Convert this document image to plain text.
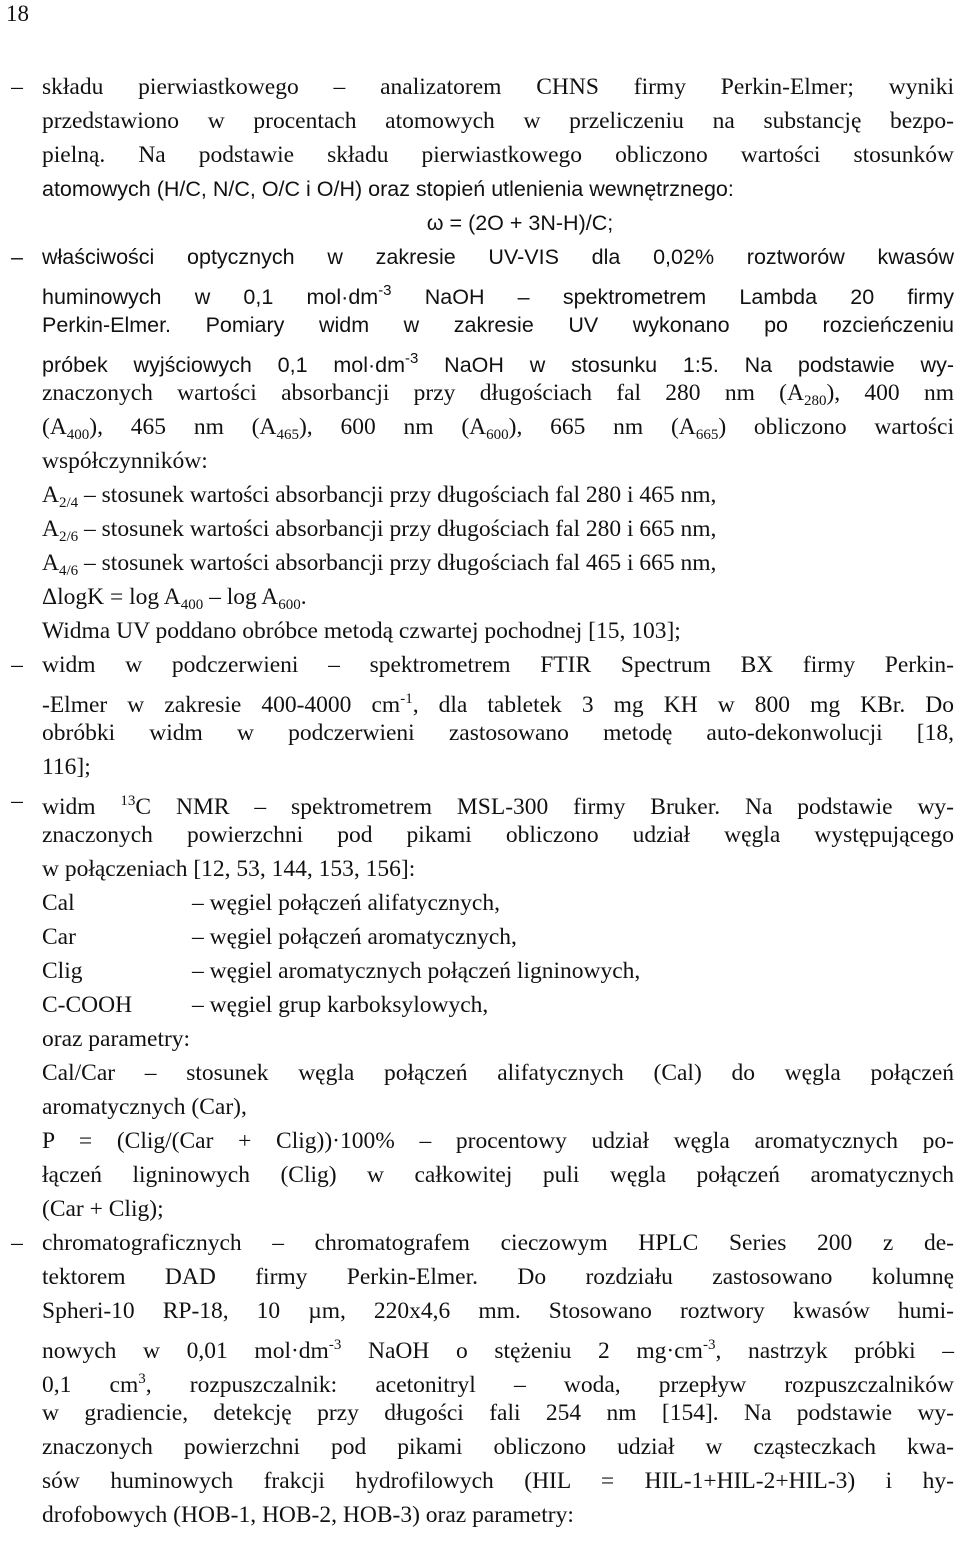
18
– składu pierwiastkowego – analizatorem CHNS firmy Perkin-Elmer; wyniki
przedstawiono w procentach atomowych w przeliczeniu na substancję bezpo-
pielną. Na podstawie składu pierwiastkowego obliczono wartości stosunków
atomowych (H/C, N/C, O/C i O/H) oraz stopień utlenienia wewnętrznego:
ω = (2O + 3N-H)/C;
– właściwości optycznych w zakresie UV-VIS dla 0,02% roztworów kwasów
huminowych w 0,1 $mol\cdot dm^{-3}$ NaOH – spektrometrem Lambda 20 firmy
Perkin-Elmer. Pomiary widm w zakresie UV wykonano po rozcieńczeniu
próbek wyjściowych 0,1 $mol\cdot dm^{-3}$ NaOH w stosunku 1:5. Na podstawie wy-
znaczonych wartości absorbancji przy długościach fal 280 nm $(A_{280})$, 400 nm
$(A_{400})$, 465 nm $(A_{465})$, 600 nm $(A_{600})$, 665 nm $(A_{665})$ obliczono wartości
współczynników:
$A_{2/4}$ – stosunek wartości absorbancji przy długościach fal 280 i 465 nm,
$A_{2/6}$ – stosunek wartości absorbancji przy długościach fal 280 i 665 nm,
$A_{4/6}$ – stosunek wartości absorbancji przy długościach fal 465 i 665 nm,
$\Delta\log K = \log A_{400} - \log A_{600}$.
Widma UV poddano obróbce metodą czwartej pochodnej [15, 103];
– widm w podczerwieni – spektrometrem FTIR Spectrum BX firmy Perkin-
-Elmer w zakresie 400-4000 $cm^{-1}$, dla tabletek 3 mg KH w 800 mg KBr. Do
obróbki widm w podczerwieni zastosowano metodę auto-dekonwolucji [18,
116];
– widm $^{13}$C NMR – spektrometrem MSL-300 firmy Bruker. Na podstawie wy-
znaczonych powierzchni pod pikami obliczono udział węgla występującego
w połączeniach [12, 53, 144, 153, 156]:
Cal	– węgiel połączeń alifatycznych,
Car	– węgiel połączeń aromatycznych,
Clig	– węgiel aromatycznych połączeń ligninowych,
C-COOH	– węgiel grup karboksylowych,
oraz parametry:
Cal/Car – stosunek węgla połączeń alifatycznych (Cal) do węgla połączeń
aromatycznych (Car),
P = (Clig/(Car + Clig))·100% – procentowy udział węgla aromatycznych po-
łączeń ligninowych (Clig) w całkowitej puli węgla połączeń aromatycznych
(Car + Clig);
– chromatograficznych – chromatografem cieczowym HPLC Series 200 z de-
tektorem DAD firmy Perkin-Elmer. Do rozdziału zastosowano kolumnę
Spheri-10 RP-18, 10 µm, 220x4,6 mm. Stosowano roztwory kwasów humi-
nowych w 0,01 $mol\cdot dm^{-3}$ NaOH o stężeniu 2 $mg\cdot cm^{-3}$, nastrzyk próbki –
0,1 $cm^3$, rozpuszczalnik: acetonitryl – woda, przepływ rozpuszczalników
w gradiencie, detekcję przy długości fali 254 nm [154]. Na podstawie wy-
znaczonych powierzchni pod pikami obliczono udział w cząsteczkach kwa-
sów huminowych frakcji hydrofilowych (HIL = HIL-1+HIL-2+HIL-3) i hy-
drofobowych (HOB-1, HOB-2, HOB-3) oraz parametry:
